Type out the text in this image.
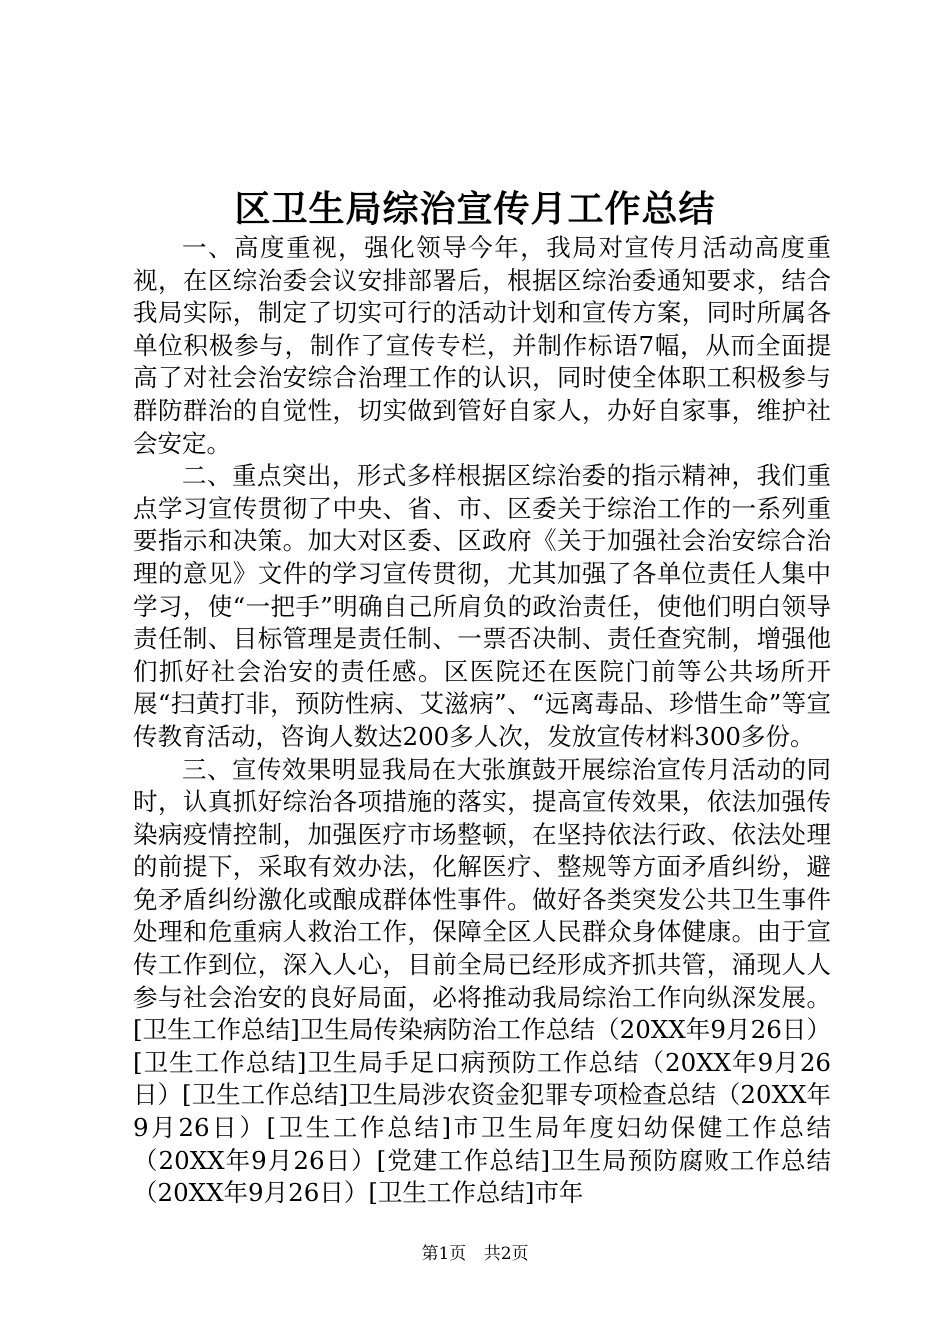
区卫生局综治宣传月工作总结

一、高度重视，强化领导今年，我局对宣传月活动高度重视，在区综治委会议安排部署后，根据区综治委通知要求，结合我局实际，制定了切实可行的活动计划和宣传方案，同时所属各单位积极参与，制作了宣传专栏，并制作标语7幅，从而全面提高了对社会治安综合治理工作的认识，同时使全体职工积极参与群防群治的自觉性，切实做到管好自家人，办好自家事，维护社会安定。

二、重点突出，形式多样根据区综治委的指示精神，我们重点学习宣传贯彻了中央、省、市、区委关于综治工作的一系列重要指示和决策。加大对区委、区政府《关于加强社会治安综合治理的意见》文件的学习宣传贯彻，尤其加强了各单位责任人集中学习，使“一把手”明确自己所肩负的政治责任，使他们明白领导责任制、目标管理是责任制、一票否决制、责任查究制，增强他们抓好社会治安的责任感。区医院还在医院门前等公共场所开展“扫黄打非，预防性病、艾滋病”、“远离毒品、珍惜生命”等宣传教育活动，咨询人数达200多人次，发放宣传材料300多份。

三、宣传效果明显我局在大张旗鼓开展综治宣传月活动的同时，认真抓好综治各项措施的落实，提高宣传效果，依法加强传染病疫情控制，加强医疗市场整顿，在坚持依法行政、依法处理的前提下，采取有效办法，化解医疗、整规等方面矛盾纠纷，避免矛盾纠纷激化或酿成群体性事件。做好各类突发公共卫生事件处理和危重病人救治工作，保障全区人民群众身体健康。由于宣传工作到位，深入人心，目前全局已经形成齐抓共管，涌现人人参与社会治安的良好局面，必将推动我局综治工作向纵深发展。[卫生工作总结]卫生局传染病防治工作总结（20XX年9月26日）[卫生工作总结]卫生局手足口病预防工作总结（20XX年9月26日）[卫生工作总结]卫生局涉农资金犯罪专项检查总结（20XX年9月26日）[卫生工作总结]市卫生局年度妇幼保健工作总结（20XX年9月26日）[党建工作总结]卫生局预防腐败工作总结（20XX年9月26日）[卫生工作总结]市年

第1页 共2页
